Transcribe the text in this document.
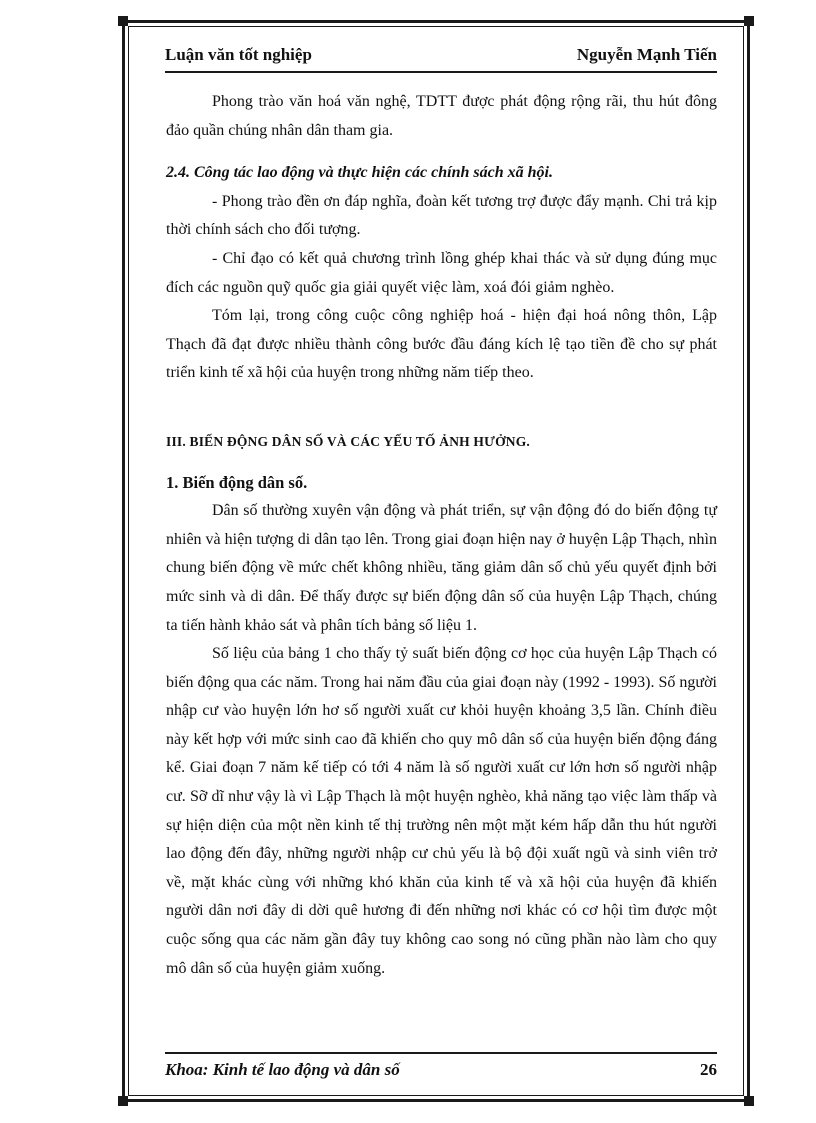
Luận văn tốt nghiệp	Nguyễn Mạnh Tiến

Phong trào văn hoá văn nghệ, TDTT được phát động rộng rãi, thu hút đông đảo quần chúng nhân dân tham gia.

2.4. Công tác lao động và thực hiện các chính sách xã hội.

- Phong trào đền ơn đáp nghĩa, đoàn kết tương trợ được đẩy mạnh. Chi trả kịp thời chính sách cho đối tượng.

- Chỉ đạo có kết quả chương trình lồng ghép khai thác và sử dụng đúng mục đích các nguồn quỹ quốc gia giải quyết việc làm, xoá đói giảm nghèo.

Tóm lại, trong công cuộc công nghiệp hoá - hiện đại hoá nông thôn, Lập Thạch đã đạt được nhiều thành công bước đầu đáng kích lệ tạo tiền đề cho sự phát triển kinh tế xã hội của huyện trong những năm tiếp theo.

III. BIẾN ĐỘNG DÂN SỐ VÀ CÁC YẾU TỐ ẢNH HƯỞNG.

1. Biến động dân số.

Dân số thường xuyên vận động và phát triển, sự vận động đó do biến động tự nhiên và hiện tượng di dân tạo lên. Trong giai đoạn hiện nay ở huyện Lập Thạch, nhìn chung biến động về mức chết không nhiều, tăng giảm dân số chủ yếu quyết định bởi mức sinh và di dân. Để thấy được sự biến động dân số của huyện Lập Thạch, chúng ta tiến hành khảo sát và phân tích bảng số liệu 1.

Số liệu của bảng 1 cho thấy tỷ suất biến động cơ học của huyện Lập Thạch có biến động qua các năm. Trong hai năm đầu của giai đoạn này (1992 - 1993). Số người nhập cư vào huyện lớn hơ số người xuất cư khỏi huyện khoảng 3,5 lần. Chính điều này kết hợp với mức sinh cao đã khiến cho quy mô dân số của huyện biến động đáng kể. Giai đoạn 7 năm kế tiếp có tới 4 năm là số người xuất cư lớn hơn số người nhập cư. Sỡ dĩ như vậy là vì Lập Thạch là một huyện nghèo, khả năng tạo việc làm thấp và sự hiện diện của một nền kinh tế thị trường nên một mặt kém hấp dẫn thu hút người lao động đến đây, những người nhập cư chủ yếu là bộ đội xuất ngũ và sinh viên trở về, mặt khác cùng với những khó khăn của kinh tế và xã hội của huyện đã khiến người dân nơi đây di dời quê hương đi đến những nơi khác có cơ hội tìm được một cuộc sống qua các năm gần đây tuy không cao song nó cũng phần nào làm cho quy mô dân số của huyện giảm xuống.

Khoa: Kinh tế lao động và dân số	26
